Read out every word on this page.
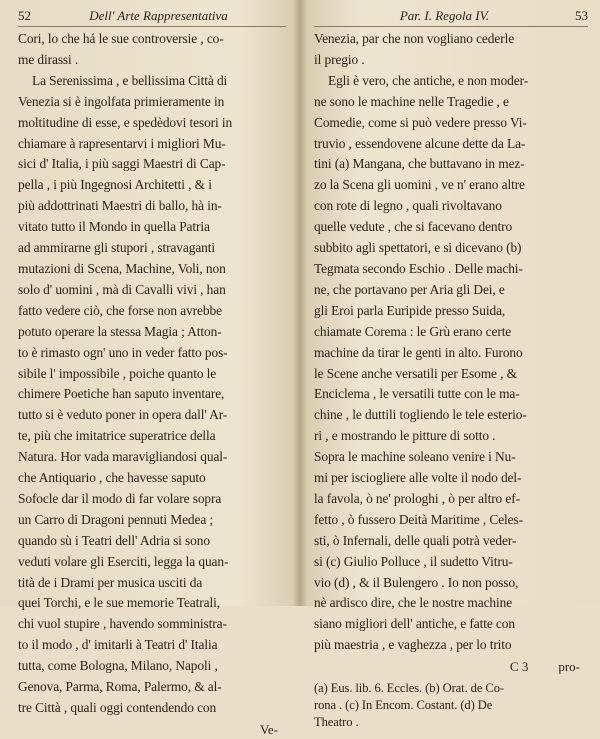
52	Dell' Arte Rappresentativa
Cori, lo che há le sue controversie , co-
me dirassi .
La Serenissima , e bellissima Città di
Venezia si è ingolfata primieramente in
moltitudine di esse, e spedèdovi tesori in
chiamare à rapresentarvi i migliori Mu-
sici d' Italia, i più saggi Maestri di Cap-
pella , i più Ingegnosi Architetti , & i
più addottrinati Maestri di ballo, hà in-
vitato tutto il Mondo in quella Patria
ad ammirarne gli stupori , stravaganti
mutazioni di Scena, Machine, Voli, non
solo d' uomini , mà di Cavalli vivi , han
fatto vedere ciò, che forse non avrebbe
potuto operare la stessa Magia ; Atton-
to è rimasto ogn' uno in veder fatto pos-
sibile l' impossibile , poiche quanto le
chimere Poetiche han saputo inventare,
tutto si è veduto poner in opera dall' Ar-
te, più che imitatrice superatrice della
Natura. Hor vada maravigliandosi qual-
che Antiquario , che havesse saputo
Sofocle dar il modo di far volare sopra
un Carro di Dragoni pennuti Medea ;
quando sù i Teatri dell' Adria si sono
veduti volare gli Eserciti, legga la quan-
tità de i Drami per musica usciti da
quei Torchi, e le sue memorie Teatrali,
chi vuol stupire , havendo somministra-
to il modo , d' imitarli à Teatri d' Italia
tutta, come Bologna, Milano, Napoli ,
Genova, Parma, Roma, Palermo, & al-
tre Città , quali oggi contendendo con
Ve-
Par. I. Regola IV.	53
Venezia, par che non vogliano cederle
il pregio .
Egli è vero, che antiche, e non moder-
ne sono le machine nelle Tragedie , e
Comedie, come si può vedere presso Vi-
truvio , essendovene alcune dette da La-
tini (a) Mangana, che buttavano in mez-
zo la Scena gli uomini , ve n' erano altre
con rote di legno , quali rivoltavano
quelle vedute , che si facevano dentro
subbito agli spettatori, e si dicevano (b)
Tegmata secondo Eschio . Delle machi-
ne, che portavano per Aria gli Dei, e
gli Eroi parla Euripide presso Suida,
chiamate Corema : le Grù erano certe
machine da tirar le genti in alto. Furono
le Scene anche versatili per Esome , &
Enciclema , le versatili tutte con le ma-
chine , le duttili togliendo le tele esterio-
ri , e mostrando le pitture di sotto .
Sopra le machine soleano venire i Nu-
mi per isciogliere alle volte il nodo del-
la favola, ò ne' prologhi , ò per altro ef-
fetto , ò fussero Deità Maritime , Celes-
sti, ò Infernali, delle quali potrà veder-
si (c) Giulio Polluce , il sudetto Vitru-
vio (d) , & il Bulengero . Io non posso,
nè ardisco dire, che le nostre machine
siano migliori dell' antiche, e fatte con
più maestria , e vaghezza , per lo trito
C 3 pro-
(a) Eus. lib. 6. Eccles. (b) Orat. de Co-
rona . (c) In Encom. Costant. (d) De
Theatro .
